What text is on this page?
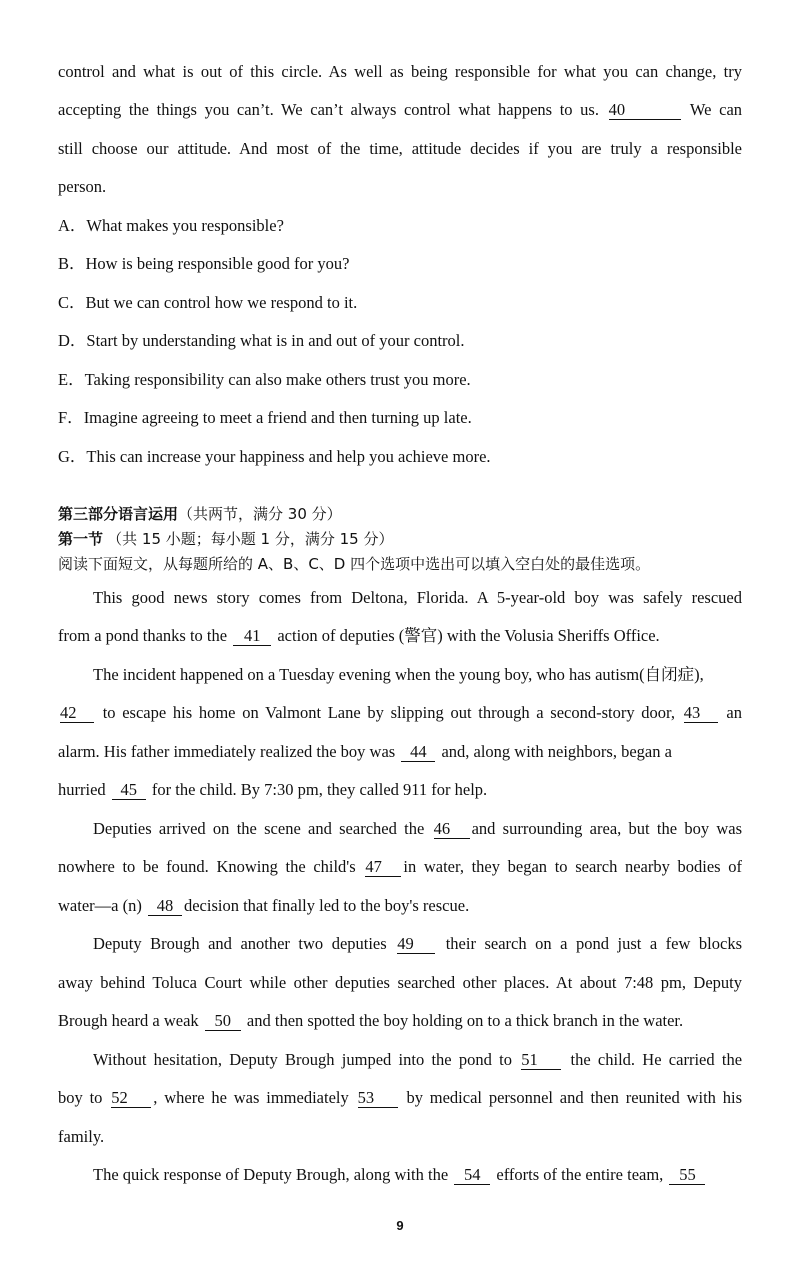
control and what is out of this circle. As well as being responsible for what you can change, try
accepting the things you can’t. We can’t always control what happens to us. 40	We can
still choose our attitude. And most of the time, attitude decides if you are truly a responsible
person.
A．What makes you responsible?
B．How is being responsible good for you?
C．But we can control how we respond to it.
D．Start by understanding what is in and out of your control.
E．Taking responsibility can also make others trust you more.
F．Imagine agreeing to meet a friend and then turning up late.
G．This can increase your happiness and help you achieve more.
第三部分语言运用（共两节，满分 30 分）
第一节 （共 15 小题；每小题 1 分，满分 15 分）
阅读下面短文，从每题所给的 A、B、C、D 四个选项中选出可以填入空白处的最佳选项。
This good news story comes from Deltona, Florida. A 5-year-old boy was safely rescued
from a pond thanks to the 41 action of deputies (警官) with the Volusia Sheriffs Office.
The incident happened on a Tuesday evening when the young boy, who has autism(自闭症),
42 to escape his home on Valmont Lane by slipping out through a second-story door, 43 an
alarm. His father immediately realized the boy was 44 and, along with neighbors, began a
hurried 45 for the child. By 7:30 pm, they called 911 for help.
Deputies arrived on the scene and searched the 46 and surrounding area, but the boy was
nowhere to be found. Knowing the child's 47 in water, they began to search nearby bodies of
water—a (n) 48 decision that finally led to the boy's rescue.
Deputy Brough and another two deputies 49 their search on a pond just a few blocks
away behind Toluca Court while other deputies searched other places. At about 7:48 pm, Deputy
Brough heard a weak 50 and then spotted the boy holding on to a thick branch in the water.
Without hesitation, Deputy Brough jumped into the pond to 51 the child. He carried the
boy to 52 , where he was immediately 53 by medical personnel and then reunited with his
family.
The quick response of Deputy Brough, along with the 54 efforts of the entire team, 55
9
